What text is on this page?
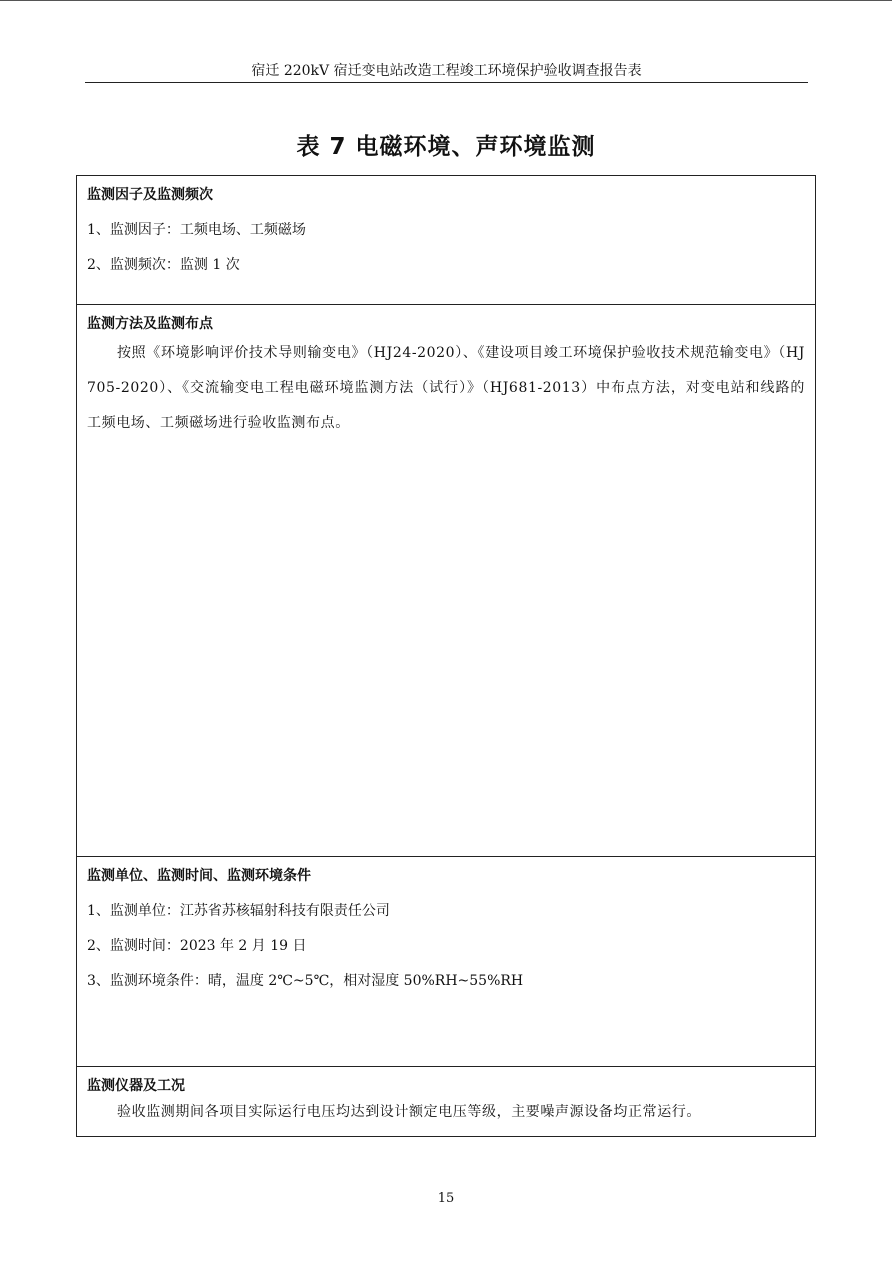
宿迁 220kV 宿迁变电站改造工程竣工环境保护验收调查报告表
表 7 电磁环境、声环境监测
监测因子及监测频次
1、监测因子：工频电场、工频磁场
2、监测频次：监测 1 次
监测方法及监测布点
按照《环境影响评价技术导则输变电》（HJ24-2020）、《建设项目竣工环境保护验收技术规范输变电》（HJ705-2020）、《交流输变电工程电磁环境监测方法（试行）》（HJ681-2013）中布点方法，对变电站和线路的工频电场、工频磁场进行验收监测布点。
监测单位、监测时间、监测环境条件
1、监测单位：江苏省苏核辐射科技有限责任公司
2、监测时间：2023 年 2 月 19 日
3、监测环境条件：晴，温度 2℃~5℃，相对湿度 50%RH~55%RH
监测仪器及工况
验收监测期间各项目实际运行电压均达到设计额定电压等级，主要噪声源设备均正常运行。
15
